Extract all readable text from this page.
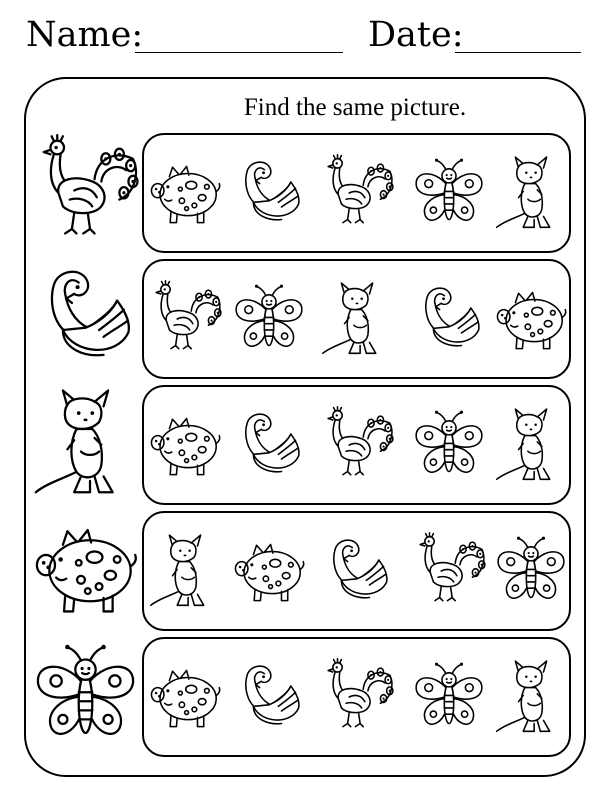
Name:	Date:
Find the same picture.
